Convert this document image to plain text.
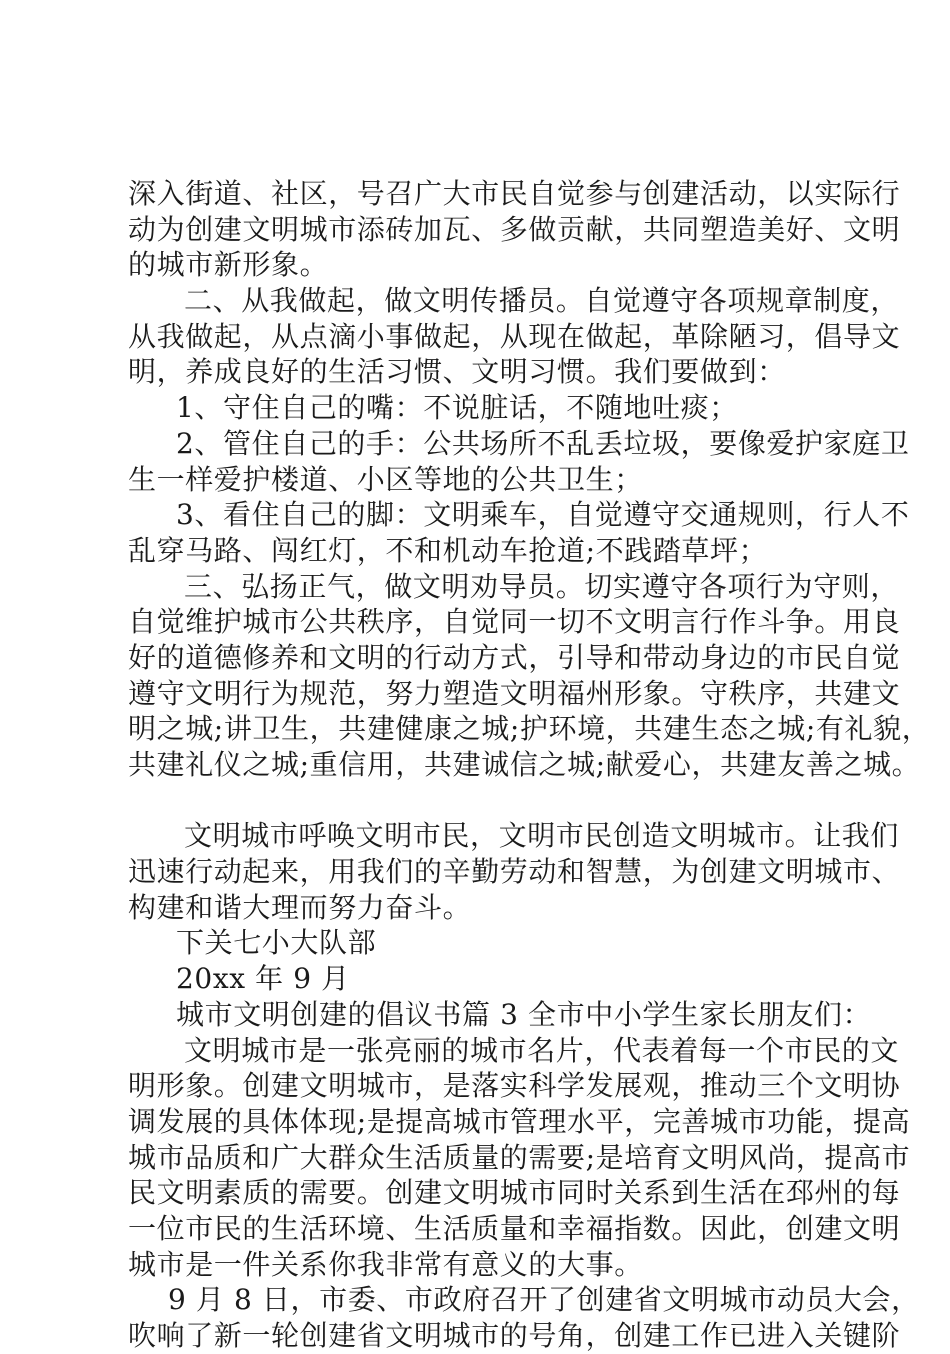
深入街道、社区，号召广大市民自觉参与创建活动，以实际行
动为创建文明城市添砖加瓦、多做贡献，共同塑造美好、文明
的城市新形象。
二、从我做起，做文明传播员。自觉遵守各项规章制度，
从我做起，从点滴小事做起，从现在做起，革除陋习，倡导文
明，养成良好的生活习惯、文明习惯。我们要做到：
1、守住自己的嘴：不说脏话，不随地吐痰；
2、管住自己的手：公共场所不乱丢垃圾，要像爱护家庭卫
生一样爱护楼道、小区等地的公共卫生；
3、看住自己的脚：文明乘车，自觉遵守交通规则，行人不
乱穿马路、闯红灯，不和机动车抢道;不践踏草坪；
三、弘扬正气，做文明劝导员。切实遵守各项行为守则，
自觉维护城市公共秩序，自觉同一切不文明言行作斗争。用良
好的道德修养和文明的行动方式，引导和带动身边的市民自觉
遵守文明行为规范，努力塑造文明福州形象。守秩序，共建文
明之城;讲卫生，共建健康之城;护环境，共建生态之城;有礼貌，
共建礼仪之城;重信用，共建诚信之城;献爱心，共建友善之城。
文明城市呼唤文明市民，文明市民创造文明城市。让我们
迅速行动起来，用我们的辛勤劳动和智慧，为创建文明城市、
构建和谐大理而努力奋斗。
下关七小大队部
20xx 年 9 月
城市文明创建的倡议书篇 3 全市中小学生家长朋友们：
文明城市是一张亮丽的城市名片，代表着每一个市民的文
明形象。创建文明城市，是落实科学发展观，推动三个文明协
调发展的具体体现;是提高城市管理水平，完善城市功能，提高
城市品质和广大群众生活质量的需要;是培育文明风尚，提高市
民文明素质的需要。创建文明城市同时关系到生活在邳州的每
一位市民的生活环境、生活质量和幸福指数。因此，创建文明
城市是一件关系你我非常有意义的大事。
9 月 8 日，市委、市政府召开了创建省文明城市动员大会，
吹响了新一轮创建省文明城市的号角，创建工作已进入关键阶
